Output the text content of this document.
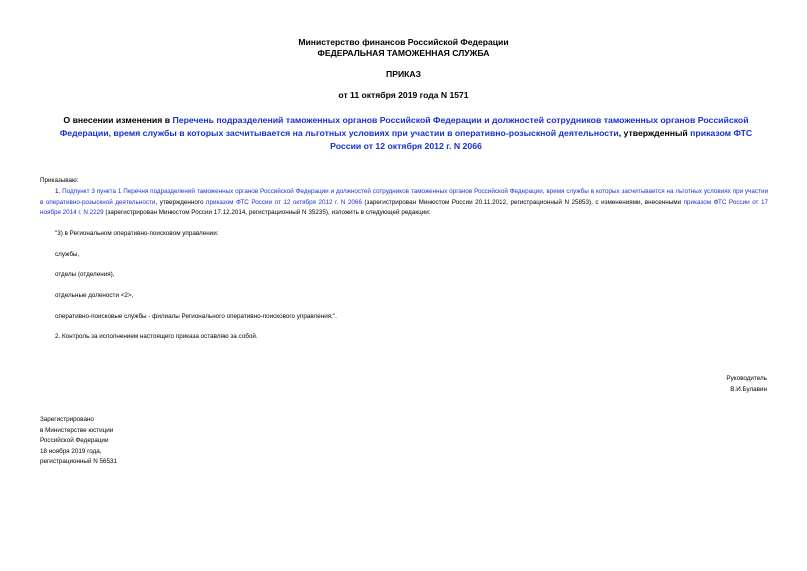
Министерство финансов Российской Федерации
ФЕДЕРАЛЬНАЯ ТАМОЖЕННАЯ СЛУЖБА
ПРИКАЗ
от 11 октября 2019 года N 1571
О внесении изменения в Перечень подразделений таможенных органов Российской Федерации и должностей сотрудников таможенных органов Российской Федерации, время службы в которых засчитывается на льготных условиях при участии в оперативно-розыскной деятельности, утвержденный приказом ФТС России от 12 октября 2012 г. N 2066
Приказываю:
1. Подпункт 3 пункта 1 Перечня подразделений таможенных органов Российской Федерации и должностей сотрудников таможенных органов Российской Федерации, время службы в которых засчитывается на льготных условиях при участии в оперативно-розыскной деятельности, утвержденного приказом ФТС России от 12 октября 2012 г. N 2066 (зарегистрирован Минюстом России 20.11.2012, регистрационный N 25853), с изменениями, внесенными приказом ФТС России от 17 ноября 2014 г. N 2229 (зарегистрирован Минюстом России 17.12.2014, регистрационный N 35235), изложить в следующей редакции:
"3) в Региональном оперативно-поисковом управлении:
службы,
отделы (отделения),
отдельные долености <2>,
оперативно-поисковые службы - филиалы Регионального оперативно-поискового управления;".
2. Контроль за исполнением настоящего приказа оставляю за собой.
Руководитель
В.И.Булавин
Зарегистрировано
в Министерстве юстиции
Российской Федерации
18 ноября 2019 года,
регистрационный N 56531
